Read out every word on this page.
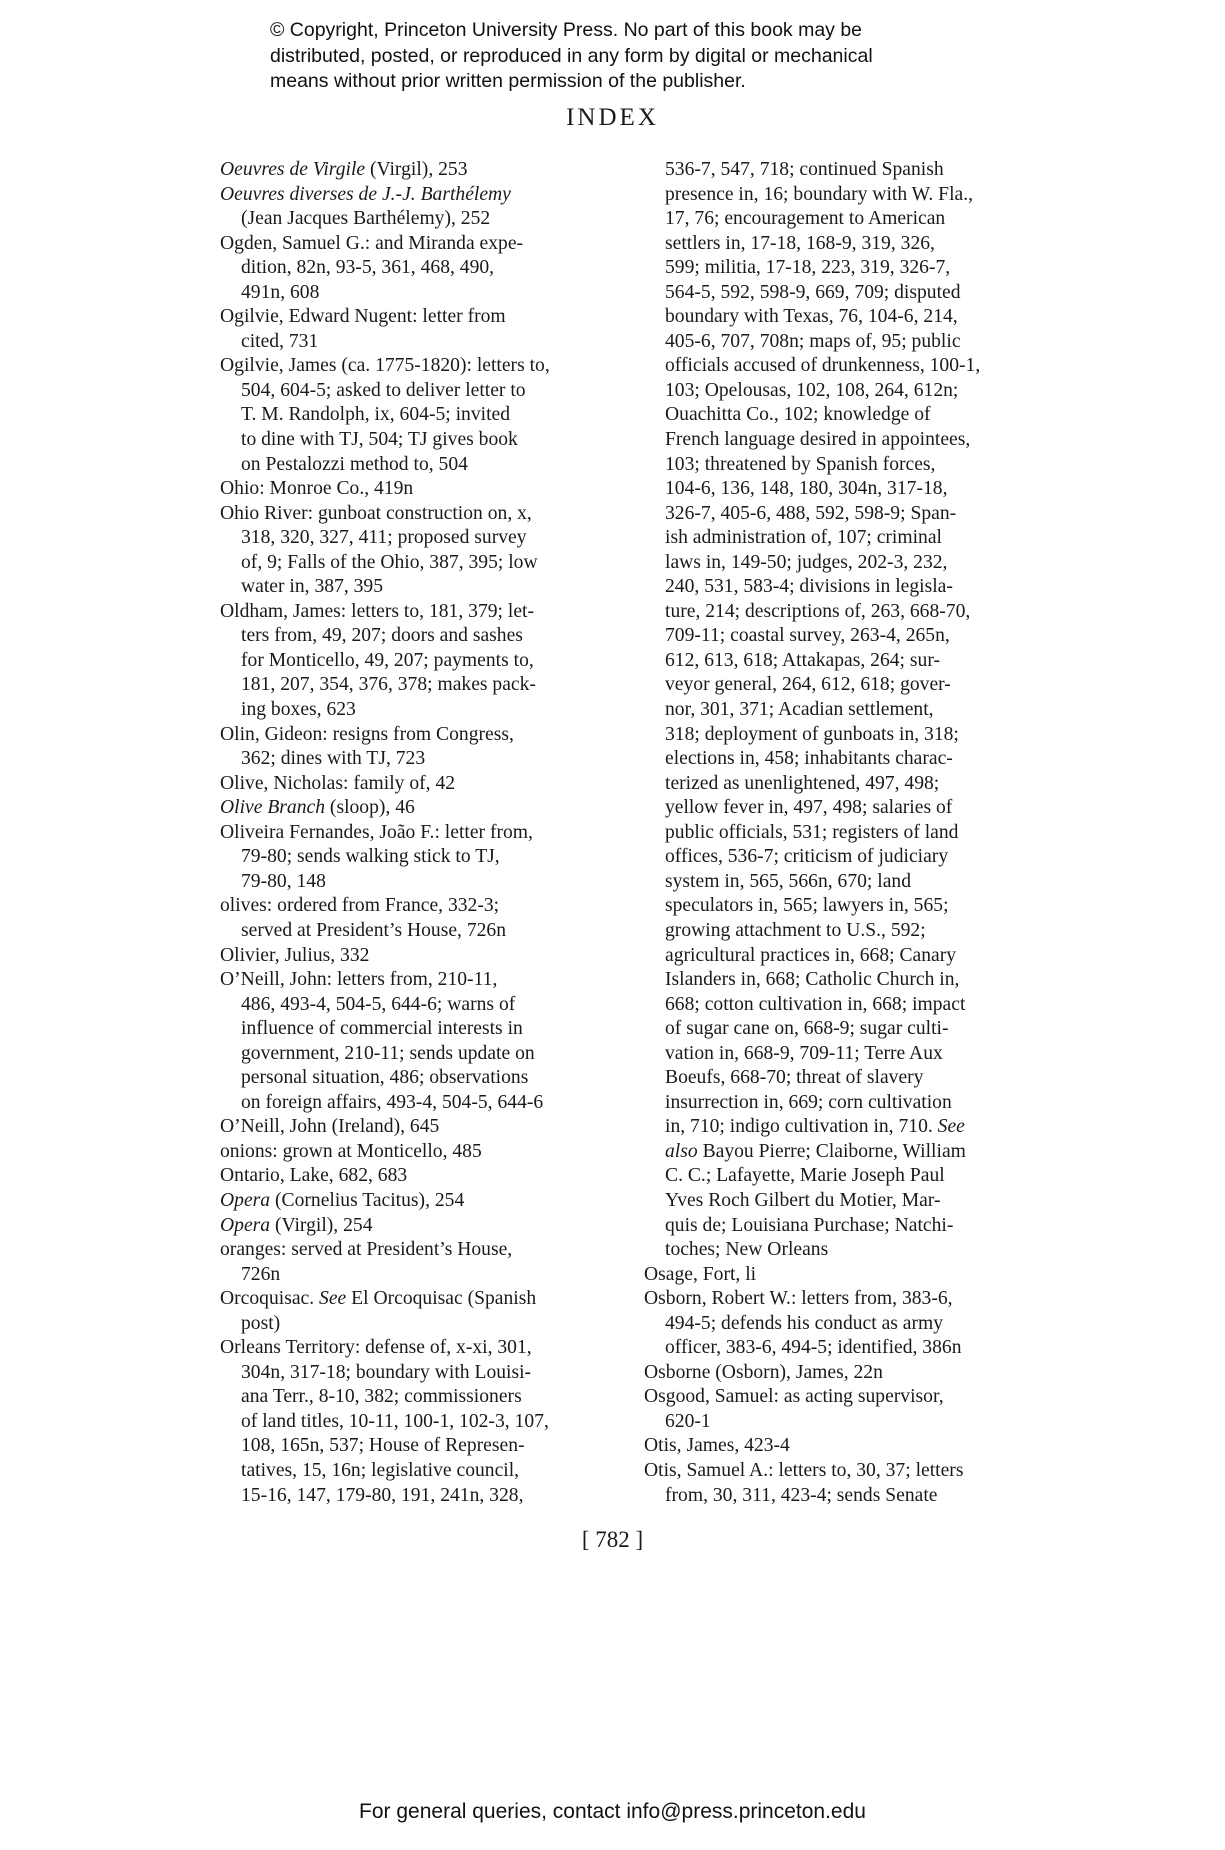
© Copyright, Princeton University Press. No part of this book may be
distributed, posted, or reproduced in any form by digital or mechanical
means without prior written permission of the publisher.
INDEX
Oeuvres de Virgile (Virgil), 253
Oeuvres diverses de J.-J. Barthélemy
(Jean Jacques Barthélemy), 252
Ogden, Samuel G.: and Miranda expe-
dition, 82n, 93-5, 361, 468, 490,
491n, 608
Ogilvie, Edward Nugent: letter from
cited, 731
Ogilvie, James (ca. 1775-1820): letters to,
504, 604-5; asked to deliver letter to
T. M. Randolph, ix, 604-5; invited
to dine with TJ, 504; TJ gives book
on Pestalozzi method to, 504
Ohio: Monroe Co., 419n
Ohio River: gunboat construction on, x,
318, 320, 327, 411; proposed survey
of, 9; Falls of the Ohio, 387, 395; low
water in, 387, 395
Oldham, James: letters to, 181, 379; let-
ters from, 49, 207; doors and sashes
for Monticello, 49, 207; payments to,
181, 207, 354, 376, 378; makes pack-
ing boxes, 623
Olin, Gideon: resigns from Congress,
362; dines with TJ, 723
Olive, Nicholas: family of, 42
Olive Branch (sloop), 46
Oliveira Fernandes, João F.: letter from,
79-80; sends walking stick to TJ,
79-80, 148
olives: ordered from France, 332-3;
served at President’s House, 726n
Olivier, Julius, 332
O’Neill, John: letters from, 210-11,
486, 493-4, 504-5, 644-6; warns of
influence of commercial interests in
government, 210-11; sends update on
personal situation, 486; observations
on foreign affairs, 493-4, 504-5, 644-6
O’Neill, John (Ireland), 645
onions: grown at Monticello, 485
Ontario, Lake, 682, 683
Opera (Cornelius Tacitus), 254
Opera (Virgil), 254
oranges: served at President’s House,
726n
Orcoquisac. See El Orcoquisac (Spanish
post)
Orleans Territory: defense of, x-xi, 301,
304n, 317-18; boundary with Louisi-
ana Terr., 8-10, 382; commissioners
of land titles, 10-11, 100-1, 102-3, 107,
108, 165n, 537; House of Represen-
tatives, 15, 16n; legislative council,
15-16, 147, 179-80, 191, 241n, 328,
536-7, 547, 718; continued Spanish
presence in, 16; boundary with W. Fla.,
17, 76; encouragement to American
settlers in, 17-18, 168-9, 319, 326,
599; militia, 17-18, 223, 319, 326-7,
564-5, 592, 598-9, 669, 709; disputed
boundary with Texas, 76, 104-6, 214,
405-6, 707, 708n; maps of, 95; public
officials accused of drunkenness, 100-1,
103; Opelousas, 102, 108, 264, 612n;
Ouachitta Co., 102; knowledge of
French language desired in appointees,
103; threatened by Spanish forces,
104-6, 136, 148, 180, 304n, 317-18,
326-7, 405-6, 488, 592, 598-9; Span-
ish administration of, 107; criminal
laws in, 149-50; judges, 202-3, 232,
240, 531, 583-4; divisions in legisla-
ture, 214; descriptions of, 263, 668-70,
709-11; coastal survey, 263-4, 265n,
612, 613, 618; Attakapas, 264; sur-
veyor general, 264, 612, 618; gover-
nor, 301, 371; Acadian settlement,
318; deployment of gunboats in, 318;
elections in, 458; inhabitants charac-
terized as unenlightened, 497, 498;
yellow fever in, 497, 498; salaries of
public officials, 531; registers of land
offices, 536-7; criticism of judiciary
system in, 565, 566n, 670; land
speculators in, 565; lawyers in, 565;
growing attachment to U.S., 592;
agricultural practices in, 668; Canary
Islanders in, 668; Catholic Church in,
668; cotton cultivation in, 668; impact
of sugar cane on, 668-9; sugar culti-
vation in, 668-9, 709-11; Terre Aux
Boeufs, 668-70; threat of slavery
insurrection in, 669; corn cultivation
in, 710; indigo cultivation in, 710. See
also Bayou Pierre; Claiborne, William
C. C.; Lafayette, Marie Joseph Paul
Yves Roch Gilbert du Motier, Mar-
quis de; Louisiana Purchase; Natchi-
toches; New Orleans
Osage, Fort, li
Osborn, Robert W.: letters from, 383-6,
494-5; defends his conduct as army
officer, 383-6, 494-5; identified, 386n
Osborne (Osborn), James, 22n
Osgood, Samuel: as acting supervisor,
620-1
Otis, James, 423-4
Otis, Samuel A.: letters to, 30, 37; letters
from, 30, 311, 423-4; sends Senate
[ 782 ]
For general queries, contact info@press.princeton.edu
